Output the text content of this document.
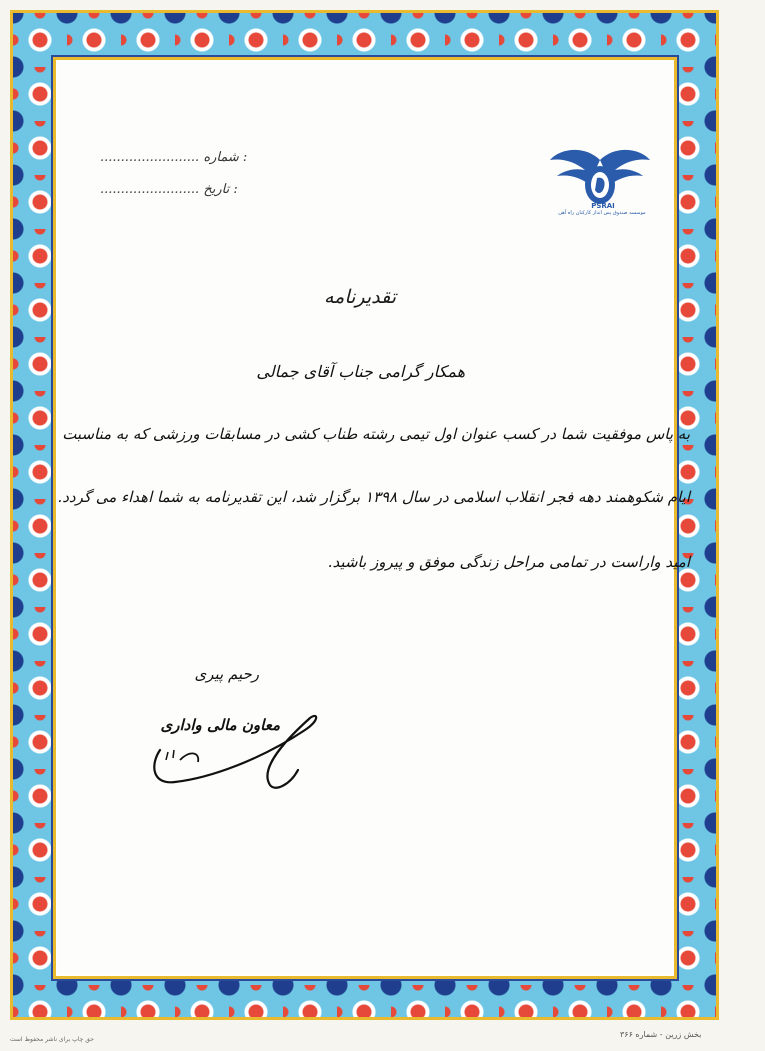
PSRAI
موسسه صندوق پس انداز کارکنان راه آهن
: شماره ........................
: تاریخ ........................
تقدیرنامه
همکار گرامی جناب آقای جمالی
به پاس موفقیت شما در کسب عنوان اول تیمی رشته طناب کشی در مسابقات ورزشی که به مناسبت
ایام شکوهمند دهه فجر انقلاب اسلامی در سال ۱۳۹۸ برگزار شد، این تقدیرنامه به شما اهداء می گردد.
امید واراست در تمامی مراحل زندگی موفق و پیروز باشید.
رحیم پیری
معاون مالی واداری
بخش زرین - شماره ۳۶۶
حق چاپ برای ناشر محفوظ است
